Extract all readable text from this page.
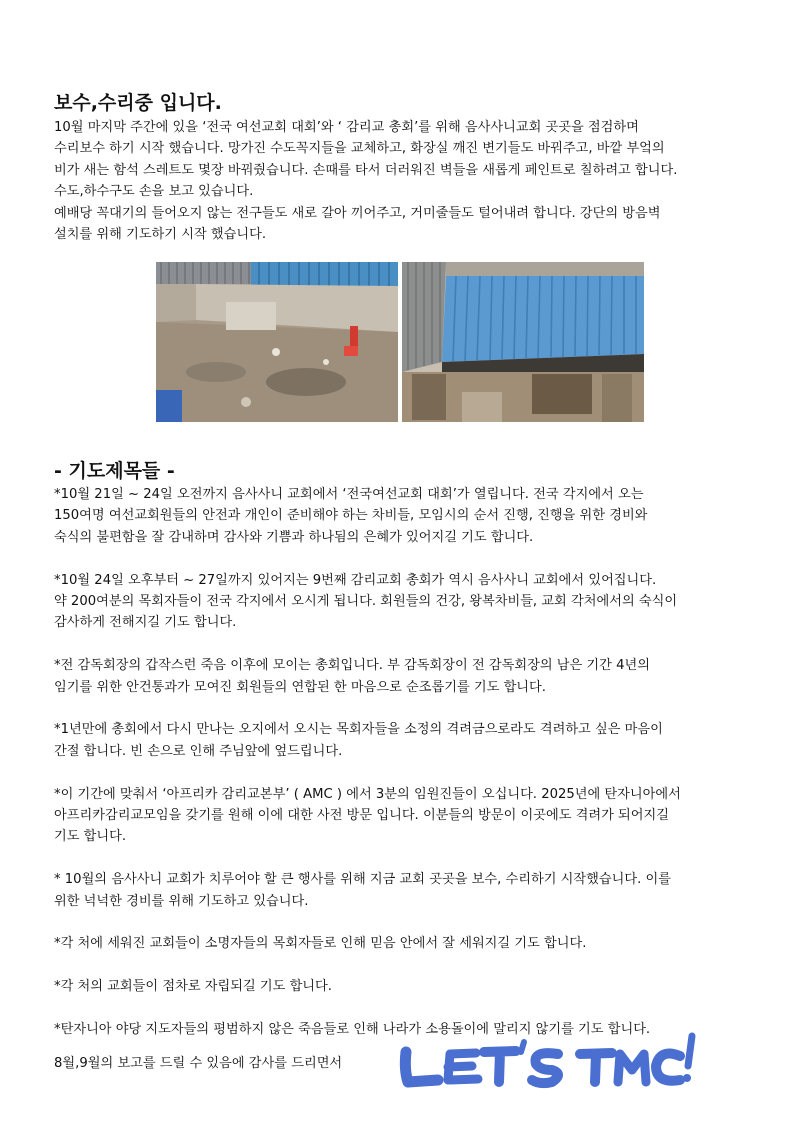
보수,수리중 입니다.
10월 마지막 주간에 있을 ‘전국 여선교회 대회’와 ‘ 감리교 총회’를 위해 음사사니교회 곳곳을 점검하며
수리보수 하기 시작 했습니다. 망가진 수도꼭지들을 교체하고, 화장실 깨진 변기들도 바꿔주고, 바깥 부엌의
비가 새는 함석 스레트도 몇장 바꿔줬습니다. 손때를 타서 더러워진 벽들을 새롭게 페인트로 칠하려고 합니다.
수도,하수구도 손을 보고 있습니다.
예배당 꼭대기의 들어오지 않는 전구들도 새로 갈아 끼어주고, 거미줄들도 털어내려 합니다. 강단의 방음벽
설치를 위해 기도하기 시작 했습니다.
- 기도제목들 -
*10월 21일 ~ 24일 오전까지 음사사니 교회에서 ‘전국여선교회 대회’가 열립니다. 전국 각지에서 오는
150여명 여선교회원들의 안전과 개인이 준비해야 하는 차비들, 모임시의 순서 진행, 진행을 위한 경비와
숙식의 불편함을 잘 감내하며 감사와 기쁨과 하나됨의 은혜가 있어지길 기도 합니다.
*10월 24일 오후부터 ~ 27일까지 있어지는 9번째 감리교회 총회가 역시 음사사니 교회에서 있어집니다.
약 200여분의 목회자들이 전국 각지에서 오시게 됩니다. 회원들의 건강, 왕복차비들, 교회 각처에서의 숙식이
감사하게 전해지길 기도 합니다.
*전 감독회장의 갑작스런 죽음 이후에 모이는 총회입니다. 부 감독회장이 전 감독회장의 남은 기간 4년의
임기를 위한 안건통과가 모여진 회원들의 연합된 한 마음으로 순조롭기를 기도 합니다.
*1년만에 총회에서 다시 만나는 오지에서 오시는 목회자들을 소정의 격려금으로라도 격려하고 싶은 마음이
간절 합니다. 빈 손으로 인해 주님앞에 엎드립니다.
*이 기간에 맞춰서 ‘아프리카 감리교본부’ ( AMC ) 에서 3분의 임원진들이 오십니다. 2025년에 탄자니아에서
아프리카감리교모임을 갖기를 원해 이에 대한 사전 방문 입니다. 이분들의 방문이 이곳에도 격려가 되어지길
기도 합니다.
* 10월의 음사사니 교회가 치루어야 할 큰 행사를 위해 지금 교회 곳곳을 보수, 수리하기 시작했습니다. 이를
위한 넉넉한 경비를 위해 기도하고 있습니다.
*각 처에 세워진 교회들이 소명자들의 목회자들로 인해 믿음 안에서 잘 세워지길 기도 합니다.
*각 처의 교회들이 점차로 자립되길 기도 합니다.
*탄자니아 야당 지도자들의 평범하지 않은 죽음들로 인해 나라가 소용돌이에 말리지 않기를 기도 합니다.
8월,9월의 보고를 드릴 수 있음에 감사를 드리면서
